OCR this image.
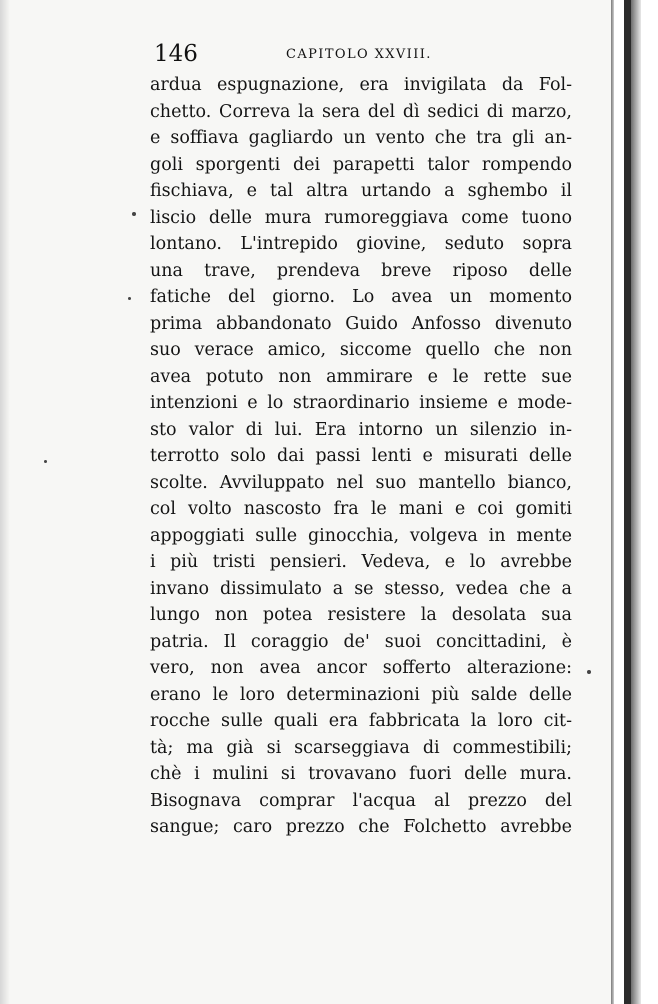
146	CAPITOLO XXVIII.
ardua espugnazione, era invigilata da Fol-
chetto. Correva la sera del dì sedici di marzo,
e soffiava gagliardo un vento che tra gli an-
goli sporgenti dei parapetti talor rompendo
fischiava, e tal altra urtando a sghembo il
liscio delle mura rumoreggiava come tuono
lontano. L'intrepido giovine, seduto sopra
una trave, prendeva breve riposo delle
fatiche del giorno. Lo avea un momento
prima abbandonato Guido Anfosso divenuto
suo verace amico, siccome quello che non
avea potuto non ammirare e le rette sue
intenzioni e lo straordinario insieme e mode-
sto valor di lui. Era intorno un silenzio in-
terrotto solo dai passi lenti e misurati delle
scolte. Avviluppato nel suo mantello bianco,
col volto nascosto fra le mani e coi gomiti
appoggiati sulle ginocchia, volgeva in mente
i più tristi pensieri. Vedeva, e lo avrebbe
invano dissimulato a se stesso, vedea che a
lungo non potea resistere la desolata sua
patria. Il coraggio de' suoi concittadini, è
vero, non avea ancor sofferto alterazione:
erano le loro determinazioni più salde delle
rocche sulle quali era fabbricata la loro cit-
tà; ma già si scarseggiava di commestibili;
chè i mulini si trovavano fuori delle mura.
Bisognava comprar l'acqua al prezzo del
sangue; caro prezzo che Folchetto avrebbe
